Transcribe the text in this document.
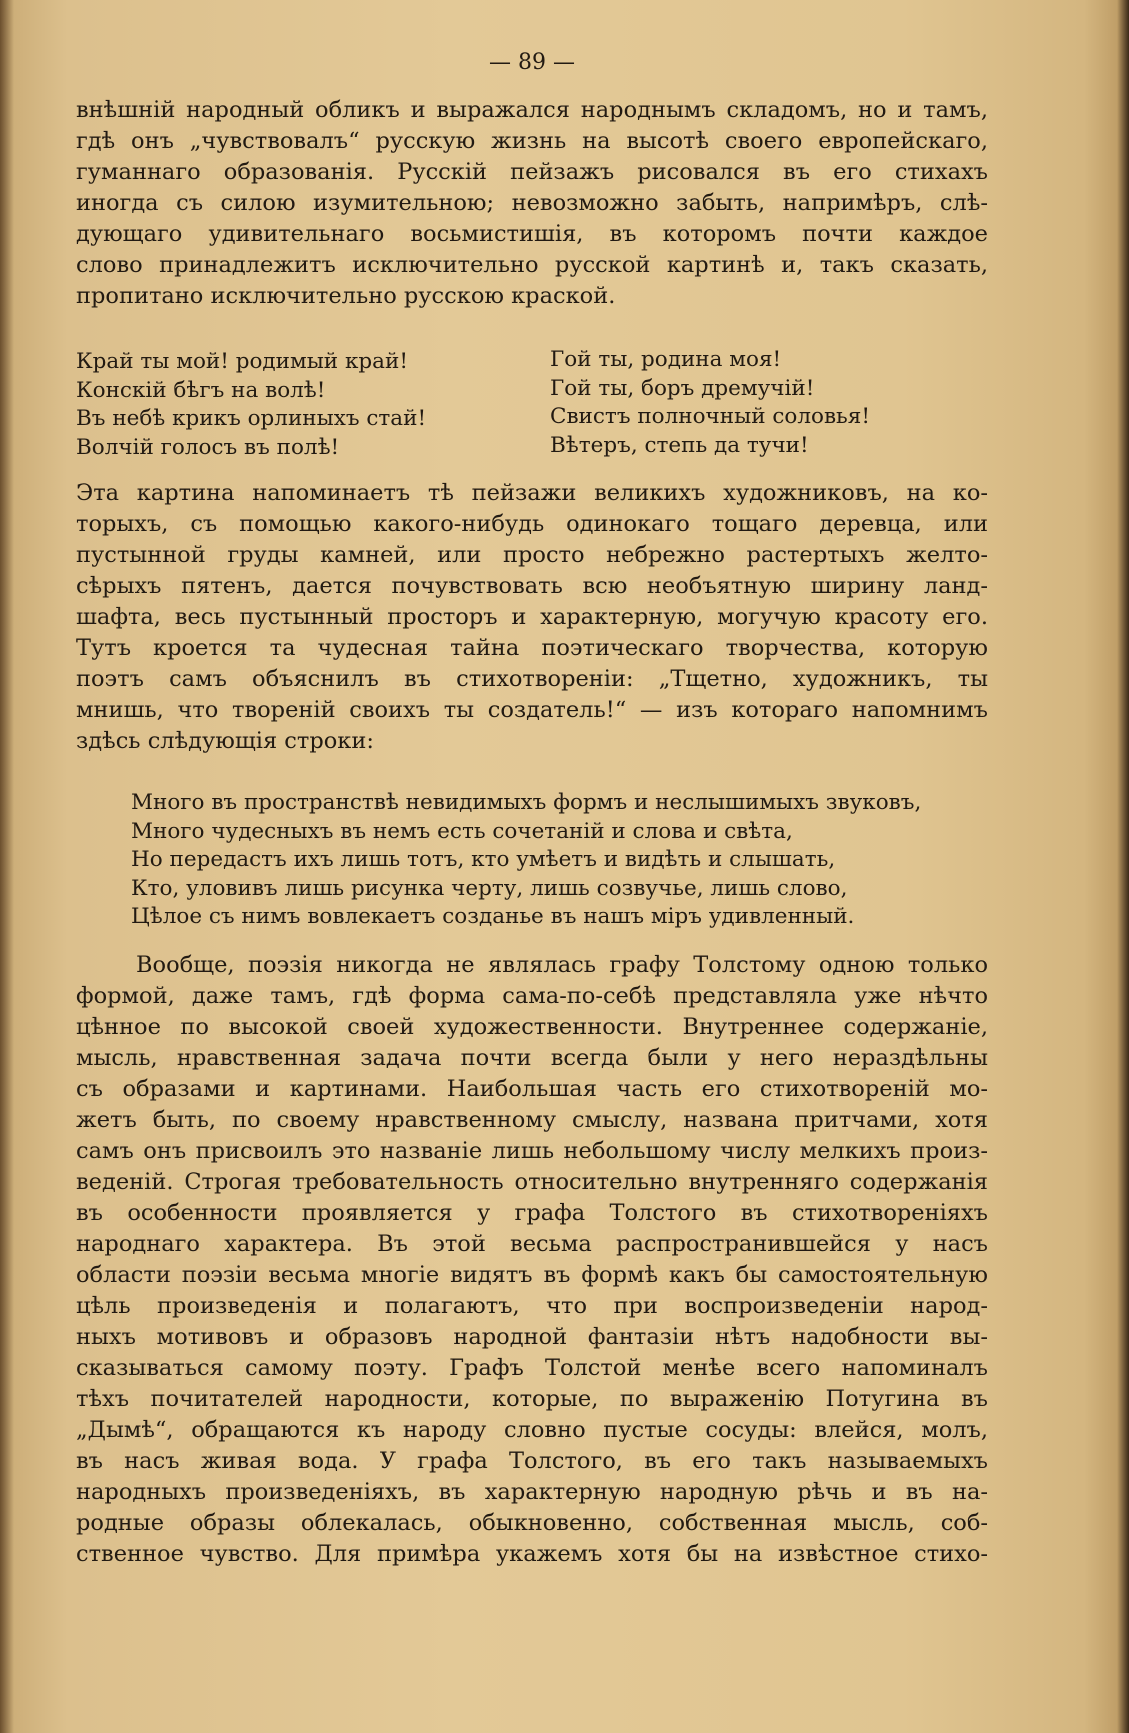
— 89 —
внѣшній народный обликъ и выражался народнымъ складомъ, но и тамъ,
гдѣ онъ „чувствовалъ“ русскую жизнь на высотѣ своего европейскаго,
гуманнаго образованія. Русскій пейзажъ рисовался въ его стихахъ
иногда съ силою изумительною; невозможно забыть, напримѣръ, слѣ-
дующаго удивительнаго восьмистишія, въ которомъ почти каждое
слово принадлежитъ исключительно русской картинѣ и, такъ сказать,
пропитано исключительно русскою краской.
Край ты мой! родимый край!
Конскій бѣгъ на волѣ!
Въ небѣ крикъ орлиныхъ стай!
Волчій голосъ въ полѣ!
Гой ты, родина моя!
Гой ты, боръ дремучій!
Свистъ полночный соловья!
Вѣтеръ, степь да тучи!
Эта картина напоминаетъ тѣ пейзажи великихъ художниковъ, на ко-
торыхъ, съ помощью какого-нибудь одинокаго тощаго деревца, или
пустынной груды камней, или просто небрежно растертыхъ желто-
сѣрыхъ пятенъ, дается почувствовать всю необъятную ширину ланд-
шафта, весь пустынный просторъ и характерную, могучую красоту его.
Тутъ кроется та чудесная тайна поэтическаго творчества, которую
поэтъ самъ объяснилъ въ стихотвореніи: „Тщетно, художникъ, ты
мнишь, что твореній своихъ ты создатель!“ — изъ котораго напомнимъ
здѣсь слѣдующія строки:
Много въ пространствѣ невидимыхъ формъ и неслышимыхъ звуковъ,
Много чудесныхъ въ немъ есть сочетаній и слова и свѣта,
Но передастъ ихъ лишь тотъ, кто умѣетъ и видѣть и слышать,
Кто, уловивъ лишь рисунка черту, лишь созвучье, лишь слово,
Цѣлое съ нимъ вовлекаетъ созданье въ нашъ міръ удивленный.
Вообще, поэзія никогда не являлась графу Толстому одною только
формой, даже тамъ, гдѣ форма сама-по-себѣ представляла уже нѣчто
цѣнное по высокой своей художественности. Внутреннее содержаніе,
мысль, нравственная задача почти всегда были у него нераздѣльны
съ образами и картинами. Наибольшая часть его стихотвореній мо-
жетъ быть, по своему нравственному смыслу, названа притчами, хотя
самъ онъ присвоилъ это названіе лишь небольшому числу мелкихъ произ-
веденій. Строгая требовательность относительно внутренняго содержанія
въ особенности проявляется у графа Толстого въ стихотвореніяхъ
народнаго характера. Въ этой весьма распространившейся у насъ
области поэзіи весьма многіе видятъ въ формѣ какъ бы самостоятельную
цѣль произведенія и полагаютъ, что при воспроизведеніи народ-
ныхъ мотивовъ и образовъ народной фантазіи нѣтъ надобности вы-
сказываться самому поэту. Графъ Толстой менѣе всего напоминалъ
тѣхъ почитателей народности, которые, по выраженію Потугина въ
„Дымѣ“, обращаются къ народу словно пустые сосуды: влейся, молъ,
въ насъ живая вода. У графа Толстого, въ его такъ называемыхъ
народныхъ произведеніяхъ, въ характерную народную рѣчь и въ на-
родные образы облекалась, обыкновенно, собственная мысль, соб-
ственное чувство. Для примѣра укажемъ хотя бы на извѣстное стихо-
